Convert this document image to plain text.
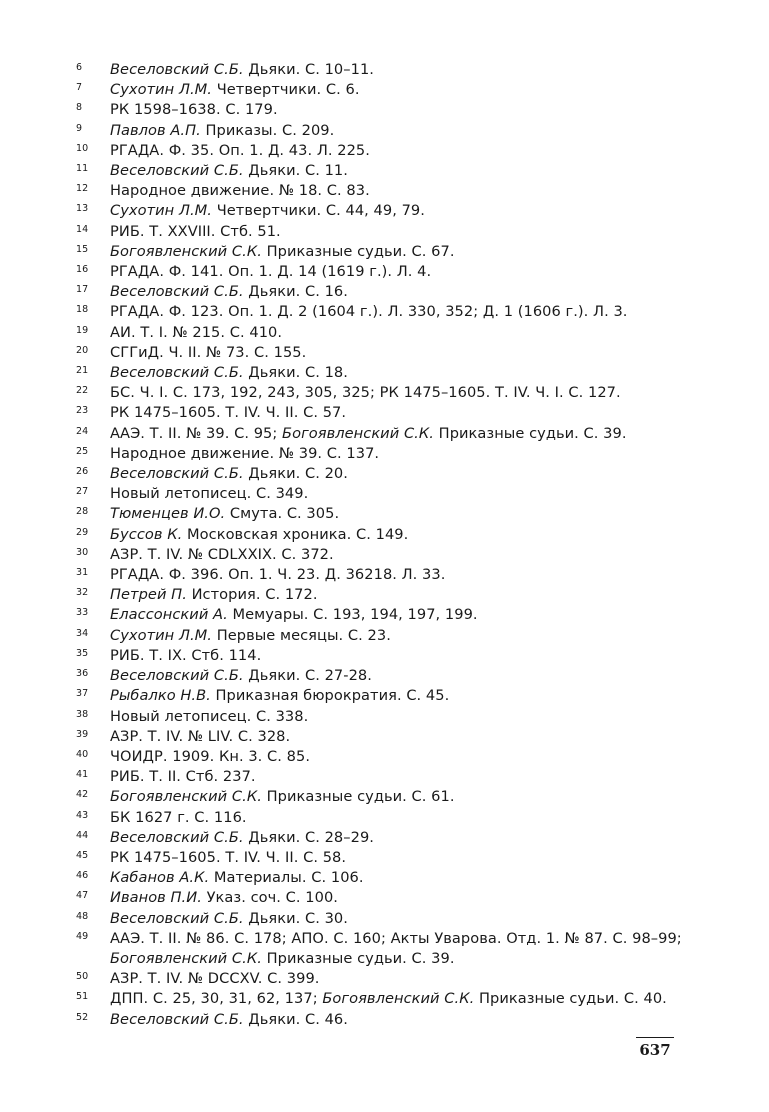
6 Веселовский С.Б. Дьяки. С. 10–11.
7 Сухотин Л.М. Четвертчики. С. 6.
8 РК 1598–1638. С. 179.
9 Павлов А.П. Приказы. С. 209.
10 РГАДА. Ф. 35. Оп. 1. Д. 43. Л. 225.
11 Веселовский С.Б. Дьяки. С. 11.
12 Народное движение. № 18. С. 83.
13 Сухотин Л.М. Четвертчики. С. 44, 49, 79.
14 РИБ. Т. XXVIII. Стб. 51.
15 Богоявленский С.К. Приказные судьи. С. 67.
16 РГАДА. Ф. 141. Оп. 1. Д. 14 (1619 г.). Л. 4.
17 Веселовский С.Б. Дьяки. С. 16.
18 РГАДА. Ф. 123. Оп. 1. Д. 2 (1604 г.). Л. 330, 352; Д. 1 (1606 г.). Л. 3.
19 АИ. Т. I. № 215. С. 410.
20 СГГиД. Ч. II. № 73. С. 155.
21 Веселовский С.Б. Дьяки. С. 18.
22 БС. Ч. I. С. 173, 192, 243, 305, 325; РК 1475–1605. Т. IV. Ч. I. С. 127.
23 РК 1475–1605. Т. IV. Ч. II. С. 57.
24 ААЭ. Т. II. № 39. С. 95; Богоявленский С.К. Приказные судьи. С. 39.
25 Народное движение. № 39. С. 137.
26 Веселовский С.Б. Дьяки. С. 20.
27 Новый летописец. С. 349.
28 Тюменцев И.О. Смута. С. 305.
29 Буссов К. Московская хроника. С. 149.
30 АЗР. Т. IV. № CDLXXIX. С. 372.
31 РГАДА. Ф. 396. Оп. 1. Ч. 23. Д. 36218. Л. 33.
32 Петрей П. История. С. 172.
33 Елассонский А. Мемуары. С. 193, 194, 197, 199.
34 Сухотин Л.М. Первые месяцы. С. 23.
35 РИБ. Т. IX. Стб. 114.
36 Веселовский С.Б. Дьяки. С. 27-28.
37 Рыбалко Н.В. Приказная бюрократия. С. 45.
38 Новый летописец. С. 338.
39 АЗР. Т. IV. № LIV. С. 328.
40 ЧОИДР. 1909. Кн. 3. С. 85.
41 РИБ. Т. II. Стб. 237.
42 Богоявленский С.К. Приказные судьи. С. 61.
43 БК 1627 г. С. 116.
44 Веселовский С.Б. Дьяки. С. 28–29.
45 РК 1475–1605. Т. IV. Ч. II. С. 58.
46 Кабанов А.К. Материалы. С. 106.
47 Иванов П.И. Указ. соч. С. 100.
48 Веселовский С.Б. Дьяки. С. 30.
49 ААЭ. Т. II. № 86. С. 178; АПО. С. 160; Акты Уварова. Отд. 1. № 87. С. 98–99;
Богоявленский С.К. Приказные судьи. С. 39.
50 АЗР. Т. IV. № DCCXV. С. 399.
51 ДПП. С. 25, 30, 31, 62, 137; Богоявленский С.К. Приказные судьи. С. 40.
52 Веселовский С.Б. Дьяки. С. 46.
637
